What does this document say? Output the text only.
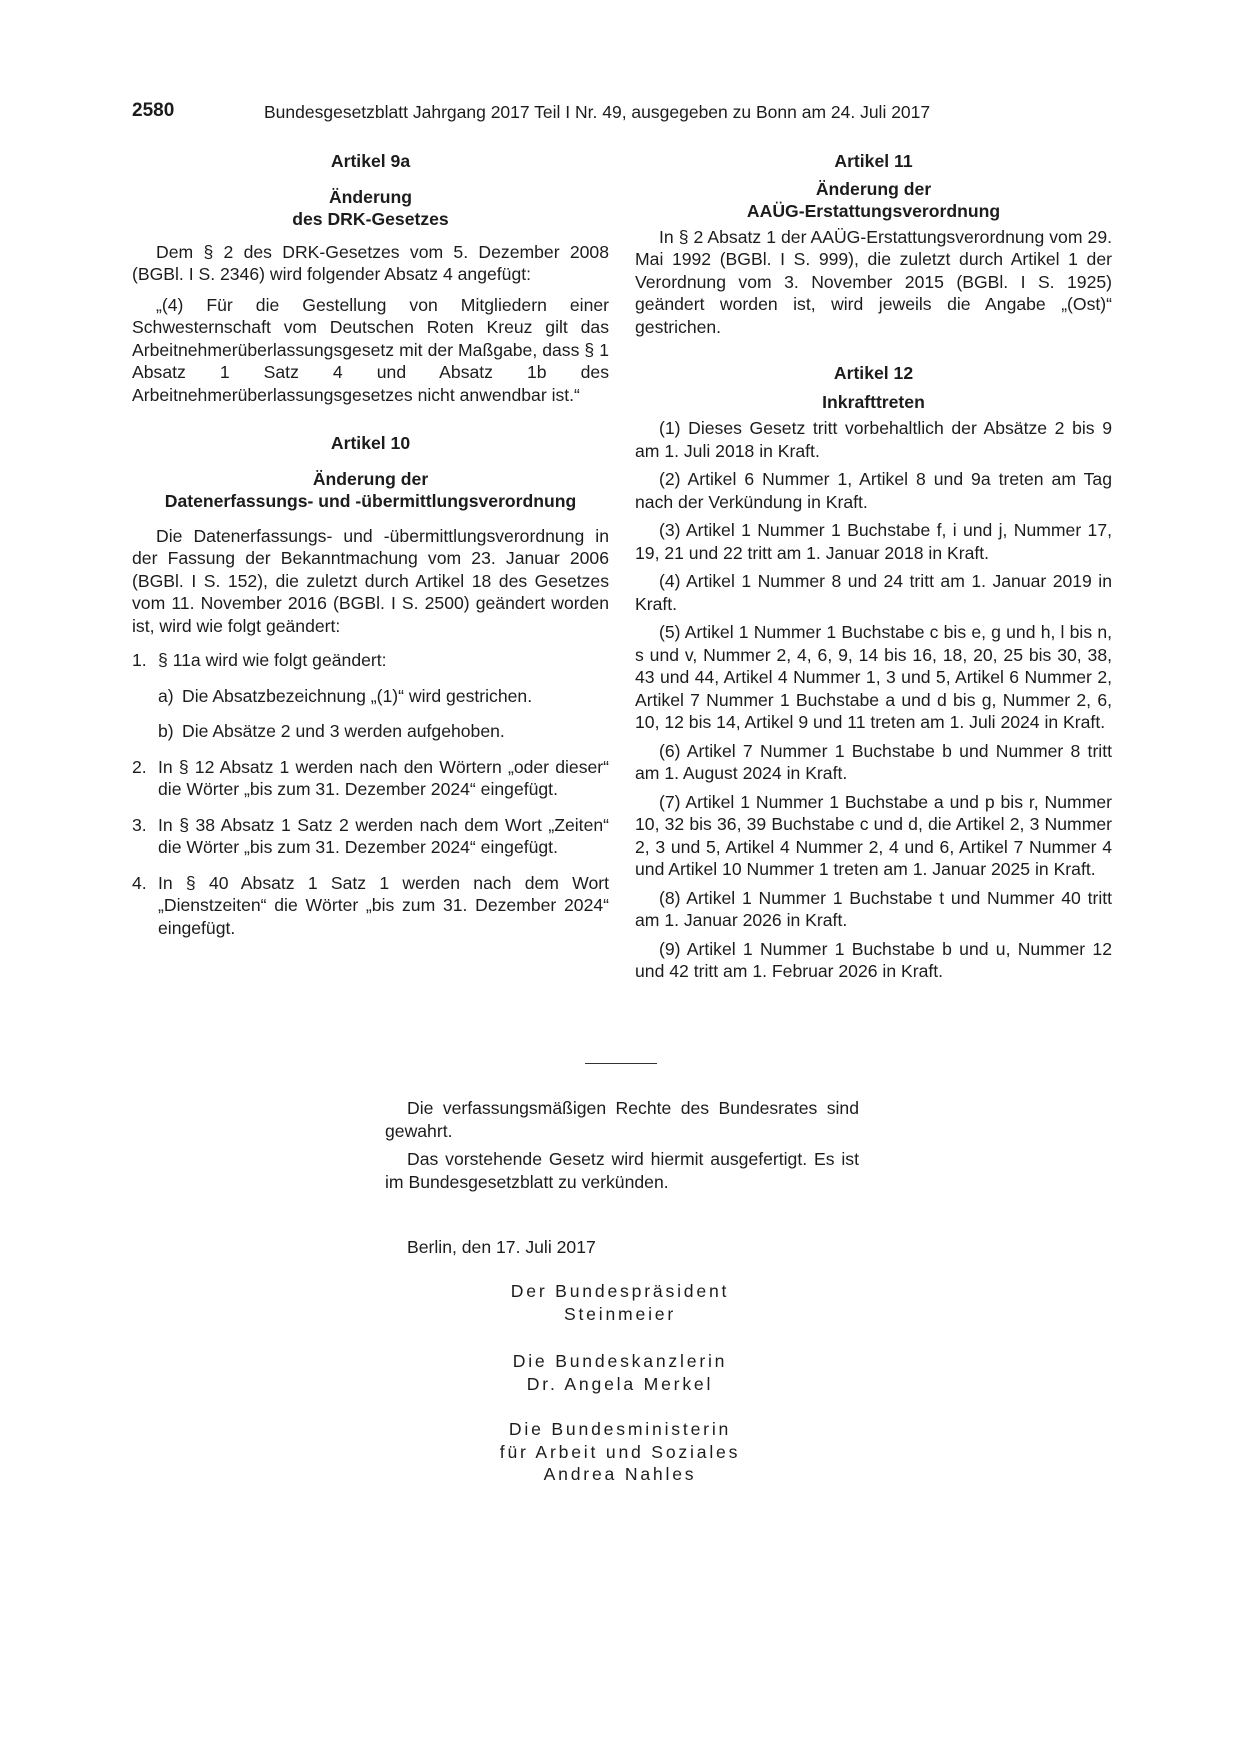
2580	Bundesgesetzblatt Jahrgang 2017 Teil I Nr. 49, ausgegeben zu Bonn am 24. Juli 2017

Artikel 9a

Änderung

des DRK-Gesetzes

Dem § 2 des DRK-Gesetzes vom 5. Dezember 2008 (BGBl. I S. 2346) wird folgender Absatz 4 angefügt:

„(4) Für die Gestellung von Mitgliedern einer Schwesternschaft vom Deutschen Roten Kreuz gilt das Arbeitnehmerüberlassungsgesetz mit der Maßgabe, dass § 1 Absatz 1 Satz 4 und Absatz 1b des Arbeitnehmerüberlassungsgesetzes nicht anwendbar ist.“

Artikel 10

Änderung der

Datenerfassungs- und -übermittlungsverordnung

Die Datenerfassungs- und -übermittlungsverordnung in der Fassung der Bekanntmachung vom 23. Januar 2006 (BGBl. I S. 152), die zuletzt durch Artikel 18 des Gesetzes vom 11. November 2016 (BGBl. I S. 2500) geändert worden ist, wird wie folgt geändert:

1. § 11a wird wie folgt geändert:
a) Die Absatzbezeichnung „(1)“ wird gestrichen.
b) Die Absätze 2 und 3 werden aufgehoben.
2. In § 12 Absatz 1 werden nach den Wörtern „oder dieser“ die Wörter „bis zum 31. Dezember 2024“ eingefügt.
3. In § 38 Absatz 1 Satz 2 werden nach dem Wort „Zeiten“ die Wörter „bis zum 31. Dezember 2024“ eingefügt.
4. In § 40 Absatz 1 Satz 1 werden nach dem Wort „Dienstzeiten“ die Wörter „bis zum 31. Dezember 2024“ eingefügt.

Artikel 11

Änderung der

AAÜG-Erstattungsverordnung

In § 2 Absatz 1 der AAÜG-Erstattungsverordnung vom 29. Mai 1992 (BGBl. I S. 999), die zuletzt durch Artikel 1 der Verordnung vom 3. November 2015 (BGBl. I S. 1925) geändert worden ist, wird jeweils die Angabe „(Ost)“ gestrichen.

Artikel 12

Inkrafttreten

(1) Dieses Gesetz tritt vorbehaltlich der Absätze 2 bis 9 am 1. Juli 2018 in Kraft.

(2) Artikel 6 Nummer 1, Artikel 8 und 9a treten am Tag nach der Verkündung in Kraft.

(3) Artikel 1 Nummer 1 Buchstabe f, i und j, Nummer 17, 19, 21 und 22 tritt am 1. Januar 2018 in Kraft.

(4) Artikel 1 Nummer 8 und 24 tritt am 1. Januar 2019 in Kraft.

(5) Artikel 1 Nummer 1 Buchstabe c bis e, g und h, l bis n, s und v, Nummer 2, 4, 6, 9, 14 bis 16, 18, 20, 25 bis 30, 38, 43 und 44, Artikel 4 Nummer 1, 3 und 5, Artikel 6 Nummer 2, Artikel 7 Nummer 1 Buchstabe a und d bis g, Nummer 2, 6, 10, 12 bis 14, Artikel 9 und 11 treten am 1. Juli 2024 in Kraft.

(6) Artikel 7 Nummer 1 Buchstabe b und Nummer 8 tritt am 1. August 2024 in Kraft.

(7) Artikel 1 Nummer 1 Buchstabe a und p bis r, Nummer 10, 32 bis 36, 39 Buchstabe c und d, die Artikel 2, 3 Nummer 2, 3 und 5, Artikel 4 Nummer 2, 4 und 6, Artikel 7 Nummer 4 und Artikel 10 Nummer 1 treten am 1. Januar 2025 in Kraft.

(8) Artikel 1 Nummer 1 Buchstabe t und Nummer 40 tritt am 1. Januar 2026 in Kraft.

(9) Artikel 1 Nummer 1 Buchstabe b und u, Nummer 12 und 42 tritt am 1. Februar 2026 in Kraft.

Die verfassungsmäßigen Rechte des Bundesrates sind gewahrt.

Das vorstehende Gesetz wird hiermit ausgefertigt. Es ist im Bundesgesetzblatt zu verkünden.

Berlin, den 17. Juli 2017
Der Bundespräsident
Steinmeier
Die Bundeskanzlerin
Dr. Angela Merkel
Die Bundesministerin
für Arbeit und Soziales
Andrea Nahles
